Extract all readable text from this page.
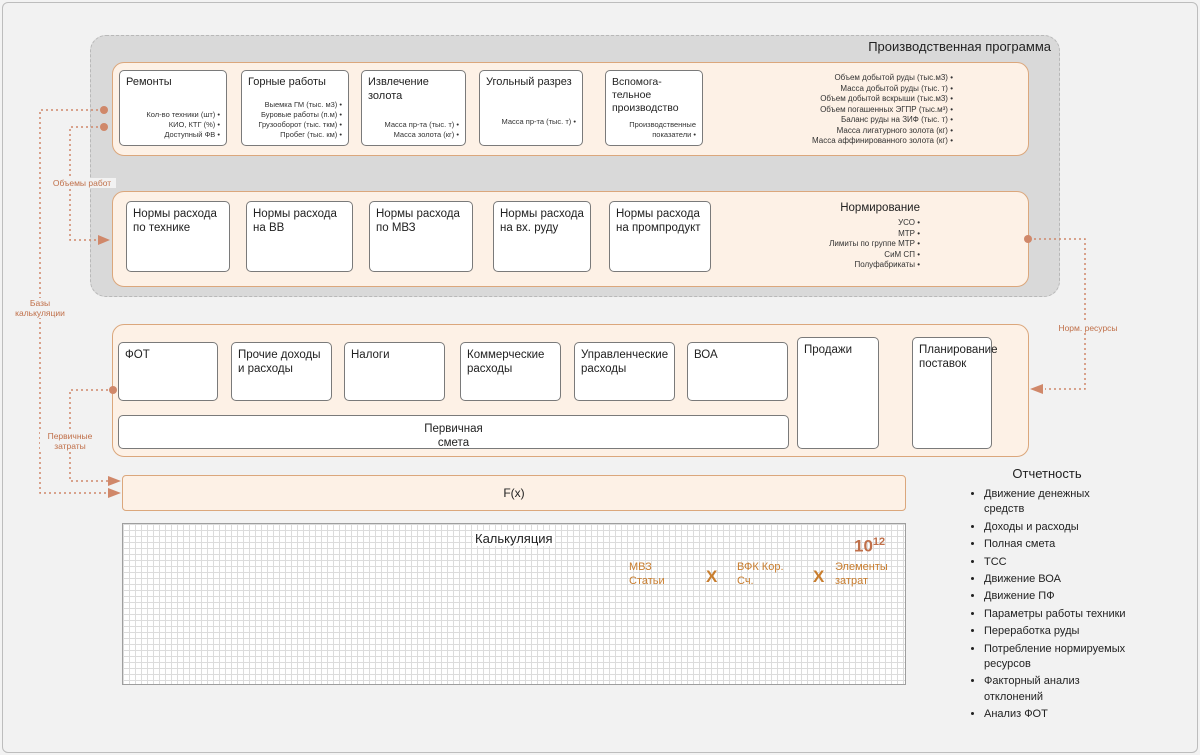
Производственная программа
Ремонты
Кол-во техники (шт) •
КИО, КТГ (%) •
Доступный ФВ •
Горные работы
Выемка ГМ (тыс. м3) •
Буровые работы (п.м) •
Грузооборот (тыс. ткм) •
Пробег (тыс. км) •
Извлечение золота
Масса пр-та (тыс. т) •
Масса золота (кг) •
Угольный разрез
Масса пр-та (тыс. т) •
Вспомога-тельное производство
Производственные показатели •
Объем добытой руды (тыс.м3) •
Масса добытой руды (тыс. т) •
Объем добытой вскрыши (тыс.м3) •
Объем погашенных ЭГПР (тыс.м³) •
Баланс руды на ЗИФ (тыс. т) •
Масса лигатурного золота (кг) •
Масса аффинированного золота (кг) •
Нормы расхода по технике
Нормы расхода на ВВ
Нормы расхода по МВЗ
Нормы расхода на вх. руду
Нормы расхода на промпродукт
Нормирование
УСО •
МТР •
Лимиты по группе МТР •
СиМ СП •
Полуфабрикаты •
ФОТ	Прочие доходы и расходы
Налоги	Коммерческие расходы
Управленческие расходы
ВОА	Продажи	Планирование поставок
Первичная смета
F(x)
Калькуляция	$10^{12}$
МВЗ Статьи	X ВФК Кор. Сч.	X Элементы затрат
Отчетность
• Движение денежных средств
• Доходы и расходы
• Полная смета
• ТСС
• Движение ВОА
• Движение ПФ
• Параметры работы техники
• Переработка руды
• Потребление нормируемых ресурсов
• Факторный анализ отклонений
• Анализ ФОТ
Объемы работ
Базы калькуляции
Первичные затраты
Норм. ресурсы
